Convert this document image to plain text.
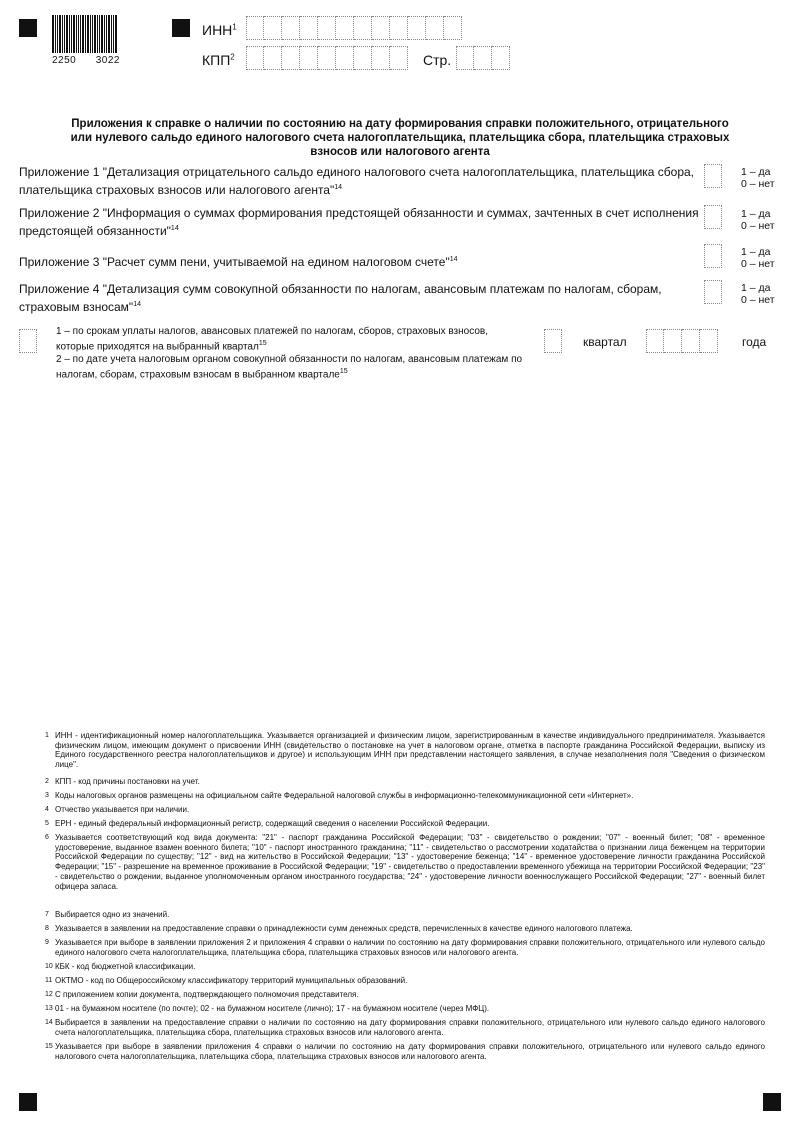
2250 3022
ИНН$^1$
КПП$^2$	Стр.
Приложения к справке о наличии по состоянию на дату формирования справки положительного, отрицательного или нулевого сальдо единого налогового счета налогоплательщика, плательщика сбора, плательщика страховых взносов или налогового агента
Приложение 1 "Детализация отрицательного сальдо единого налогового счета налогоплательщика, плательщика сбора, плательщика страховых взносов или налогового агента"$^{14}$
1 – да
0 – нет
Приложение 2 "Информация о суммах формирования предстоящей обязанности и суммах, зачтенных в счет исполнения предстоящей обязанности"$^{14}$
1 – да
0 – нет
Приложение 3 "Расчет сумм пени, учитываемой на едином налоговом счете"$^{14}$
1 – да
0 – нет
Приложение 4 "Детализация сумм совокупной обязанности по налогам, авансовым платежам по налогам, сборам, страховым взносам"$^{14}$
1 – да
0 – нет
1 – по срокам уплаты налогов, авансовых платежей по налогам, сборов, страховых взносов, которые приходятся на выбранный квартал$^{15}$
2 – по дате учета налоговым органом совокупной обязанности по налогам, авансовым платежам по налогам, сборам, страховым взносам в выбранном квартале$^{15}$
квартал	года
1 ИНН - идентификационный номер налогоплательщика. Указывается организацией и физическим лицом, зарегистрированным в качестве индивидуального предпринимателя. Указывается физическим лицом, имеющим документ о присвоении ИНН (свидетельство о постановке на учет в налоговом органе, отметка в паспорте гражданина Российской Федерации, выписку из Единого государственного реестра налогоплательщиков и другое) и использующим ИНН при представлении настоящего заявления, в случае незаполнения поля "Сведения о физическом лице".
2 КПП - код причины постановки на учет.
3 Коды налоговых органов размещены на официальном сайте Федеральной налоговой службы в информационно-телекоммуникационной сети «Интернет».
4 Отчество указывается при наличии.
5 ЕРН - единый федеральный информационный регистр, содержащий сведения о населении Российской Федерации.
6 Указывается соответствующий код вида документа: "21" - паспорт гражданина Российской Федерации; "03" - свидетельство о рождении; "07" - военный билет; "08" - временное удостоверение, выданное взамен военного билета; "10" - паспорт иностранного гражданина; "11" - свидетельство о рассмотрении ходатайства о признании лица беженцем на территории Российской Федерации по существу; "12" - вид на жительство в Российской Федерации; "13" - удостоверение беженца; "14" - временное удостоверение личности гражданина Российской Федерации; "15" - разрешение на временное проживание в Российской Федерации; "19" - свидетельство о предоставлении временного убежища на территории Российской Федерации; "23" - свидетельство о рождении, выданное уполномоченным органом иностранного государства; "24" - удостоверение личности военнослужащего Российской Федерации; "27" - военный билет офицера запаса.
7 Выбирается одно из значений.
8 Указывается в заявлении на предоставление справки о принадлежности сумм денежных средств, перечисленных в качестве единого налогового платежа.
9 Указывается при выборе в заявлении приложения 2 и приложения 4 справки о наличии по состоянию на дату формирования справки положительного, отрицательного или нулевого сальдо единого налогового счета налогоплательщика, плательщика сбора, плательщика страховых взносов или налогового агента.
10 КБК - код бюджетной классификации.
11 ОКТМО - код по Общероссийскому классификатору территорий муниципальных образований.
12 С приложением копии документа, подтверждающего полномочия представителя.
13 01 - на бумажном носителе (по почте); 02 - на бумажном носителе (лично); 17 - на бумажном носителе (через МФЦ).
14 Выбирается в заявлении на предоставление справки о наличии по состоянию на дату формирования справки положительного, отрицательного или нулевого сальдо единого налогового счета налогоплательщика, плательщика сбора, плательщика страховых взносов или налогового агента.
15 Указывается при выборе в заявлении приложения 4 справки о наличии по состоянию на дату формирования справки положительного, отрицательного или нулевого сальдо единого налогового счета налогоплательщика, плательщика сбора, плательщика страховых взносов или налогового агента.
